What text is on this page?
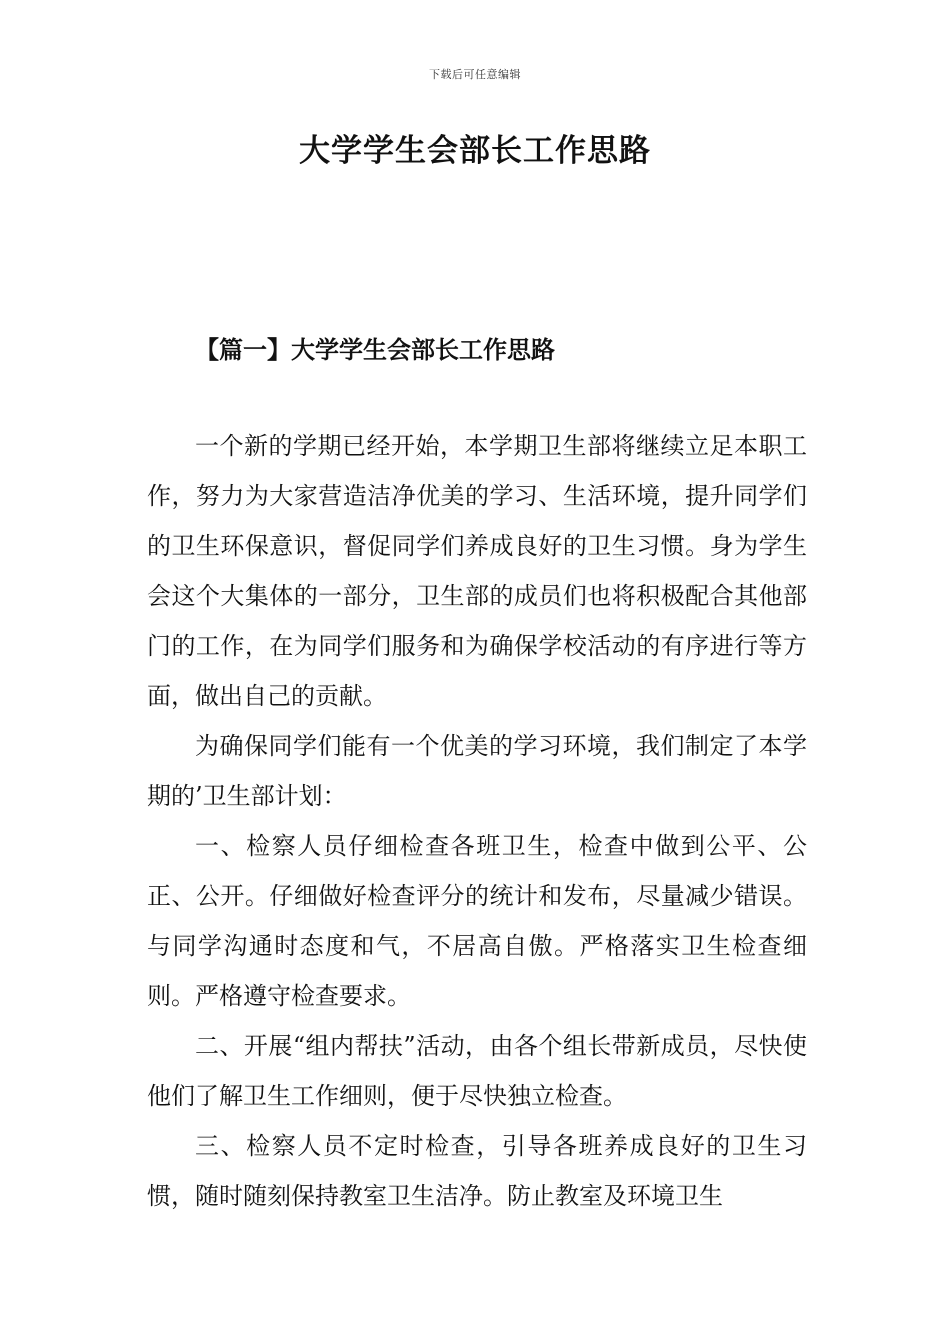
下载后可任意编辑
大学学生会部长工作思路
【篇一】大学学生会部长工作思路

一个新的学期已经开始，本学期卫生部将继续立足本职工作，努力为大家营造洁净优美的学习、生活环境，提升同学们的卫生环保意识，督促同学们养成良好的卫生习惯。身为学生会这个大集体的一部分，卫生部的成员们也将积极配合其他部门的工作，在为同学们服务和为确保学校活动的有序进行等方面，做出自己的贡献。

为确保同学们能有一个优美的学习环境，我们制定了本学期的’卫生部计划：

一、检察人员仔细检查各班卫生，检查中做到公平、公正、公开。仔细做好检查评分的统计和发布，尽量减少错误。与同学沟通时态度和气，不居高自傲。严格落实卫生检查细则。严格遵守检查要求。

二、开展“组内帮扶”活动，由各个组长带新成员，尽快使他们了解卫生工作细则，便于尽快独立检查。

三、检察人员不定时检查，引导各班养成良好的卫生习惯，随时随刻保持教室卫生洁净。防止教室及环境卫生
